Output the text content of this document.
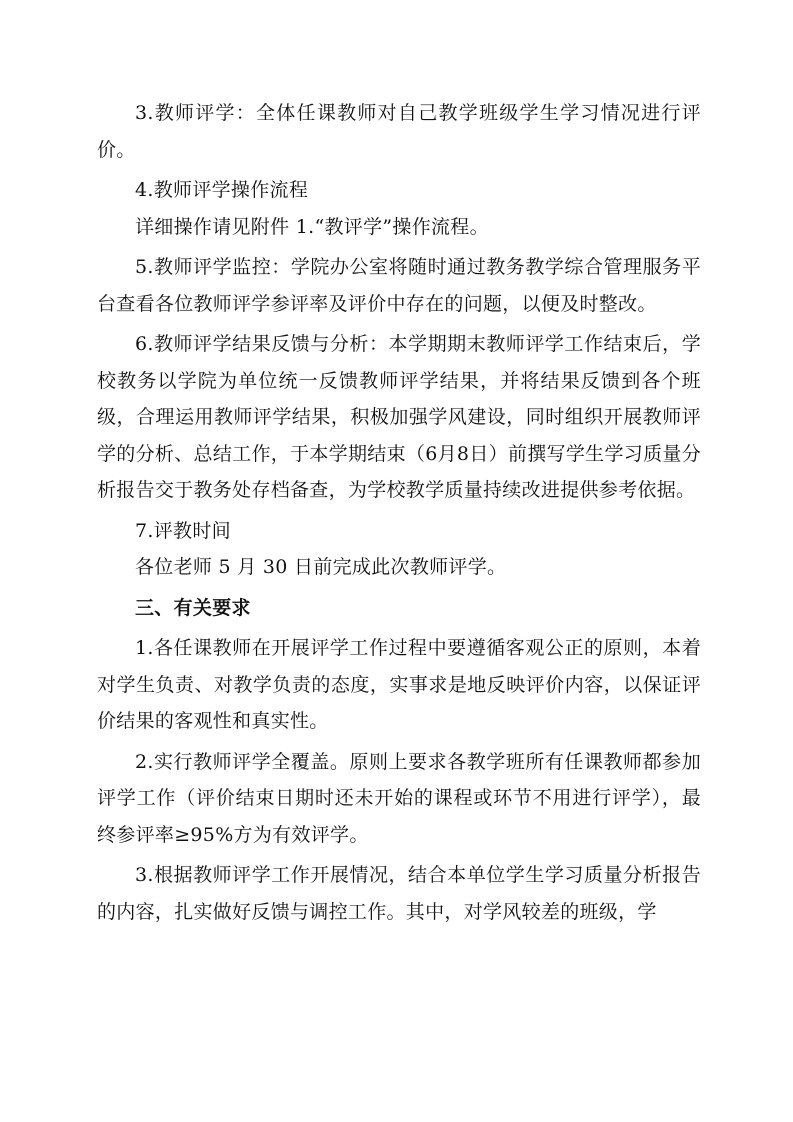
3.教师评学：全体任课教师对自己教学班级学生学习情况进行评价。

4.教师评学操作流程

详细操作请见附件 1.“教评学”操作流程。

5.教师评学监控：学院办公室将随时通过教务教学综合管理服务平台查看各位教师评学参评率及评价中存在的问题，以便及时整改。

6.教师评学结果反馈与分析：本学期期末教师评学工作结束后，学校教务以学院为单位统一反馈教师评学结果，并将结果反馈到各个班级，合理运用教师评学结果，积极加强学风建设，同时组织开展教师评学的分析、总结工作，于本学期结束（6月8日）前撰写学生学习质量分析报告交于教务处存档备查，为学校教学质量持续改进提供参考依据。

7.评教时间

各位老师 5 月 30 日前完成此次教师评学。

三、有关要求

1.各任课教师在开展评学工作过程中要遵循客观公正的原则，本着对学生负责、对教学负责的态度，实事求是地反映评价内容，以保证评价结果的客观性和真实性。

2.实行教师评学全覆盖。原则上要求各教学班所有任课教师都参加评学工作（评价结束日期时还未开始的课程或环节不用进行评学），最终参评率≥95%方为有效评学。

3.根据教师评学工作开展情况，结合本单位学生学习质量分析报告的内容，扎实做好反馈与调控工作。其中，对学风较差的班级，学
